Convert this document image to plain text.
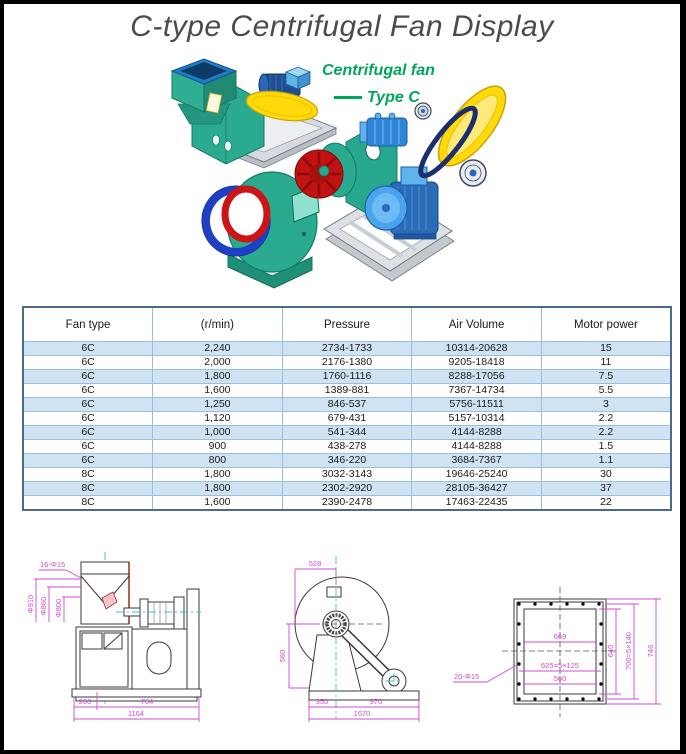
C-type Centrifugal Fan Display
Centrifugal fan
Type C
Fan type	(r/min)	Pressure	Air Volume	Motor power
6C	2,240	2734-1733	10314-20628	15
6C	2,000	2176-1380	9205-18418	11
6C	1,800	1760-1116	8288-17056	7.5
6C	1,600	1389-881	7367-14734	5.5
6C	1,250	846-537	5756-11511	3
6C	1,120	679-431	5157-10314	2.2
6C	1,000	541-344	4144-8288	2.2
6C	900	438-278	4144-8288	1.5
6C	800	346-220	3684-7367	1.1
8C	1,800	3032-3143	19646-25240	30
8C	1,800	2302-2920	28105-36427	37
8C	1,600	2390-2478	17463-22435	22
16-Φ15
Φ910 Φ860 Φ800
200	764
1164
528
560
350	970
1670
669
625=5×125
560
640 700=5×140 746
20-Φ15
